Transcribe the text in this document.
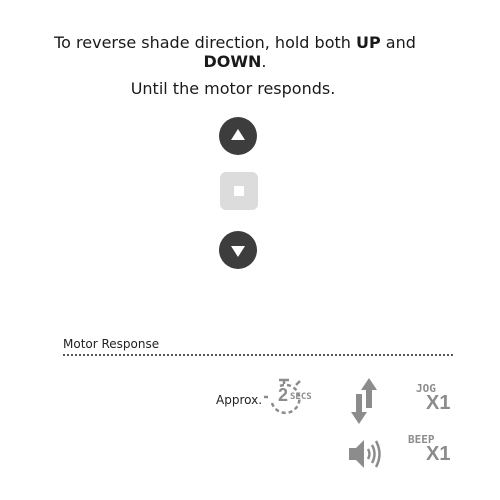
To reverse shade direction, hold both UP and
DOWN.
Until the motor responds.
Motor Response
Approx. 2 SECS
JOG
X1
BEEP
X1
